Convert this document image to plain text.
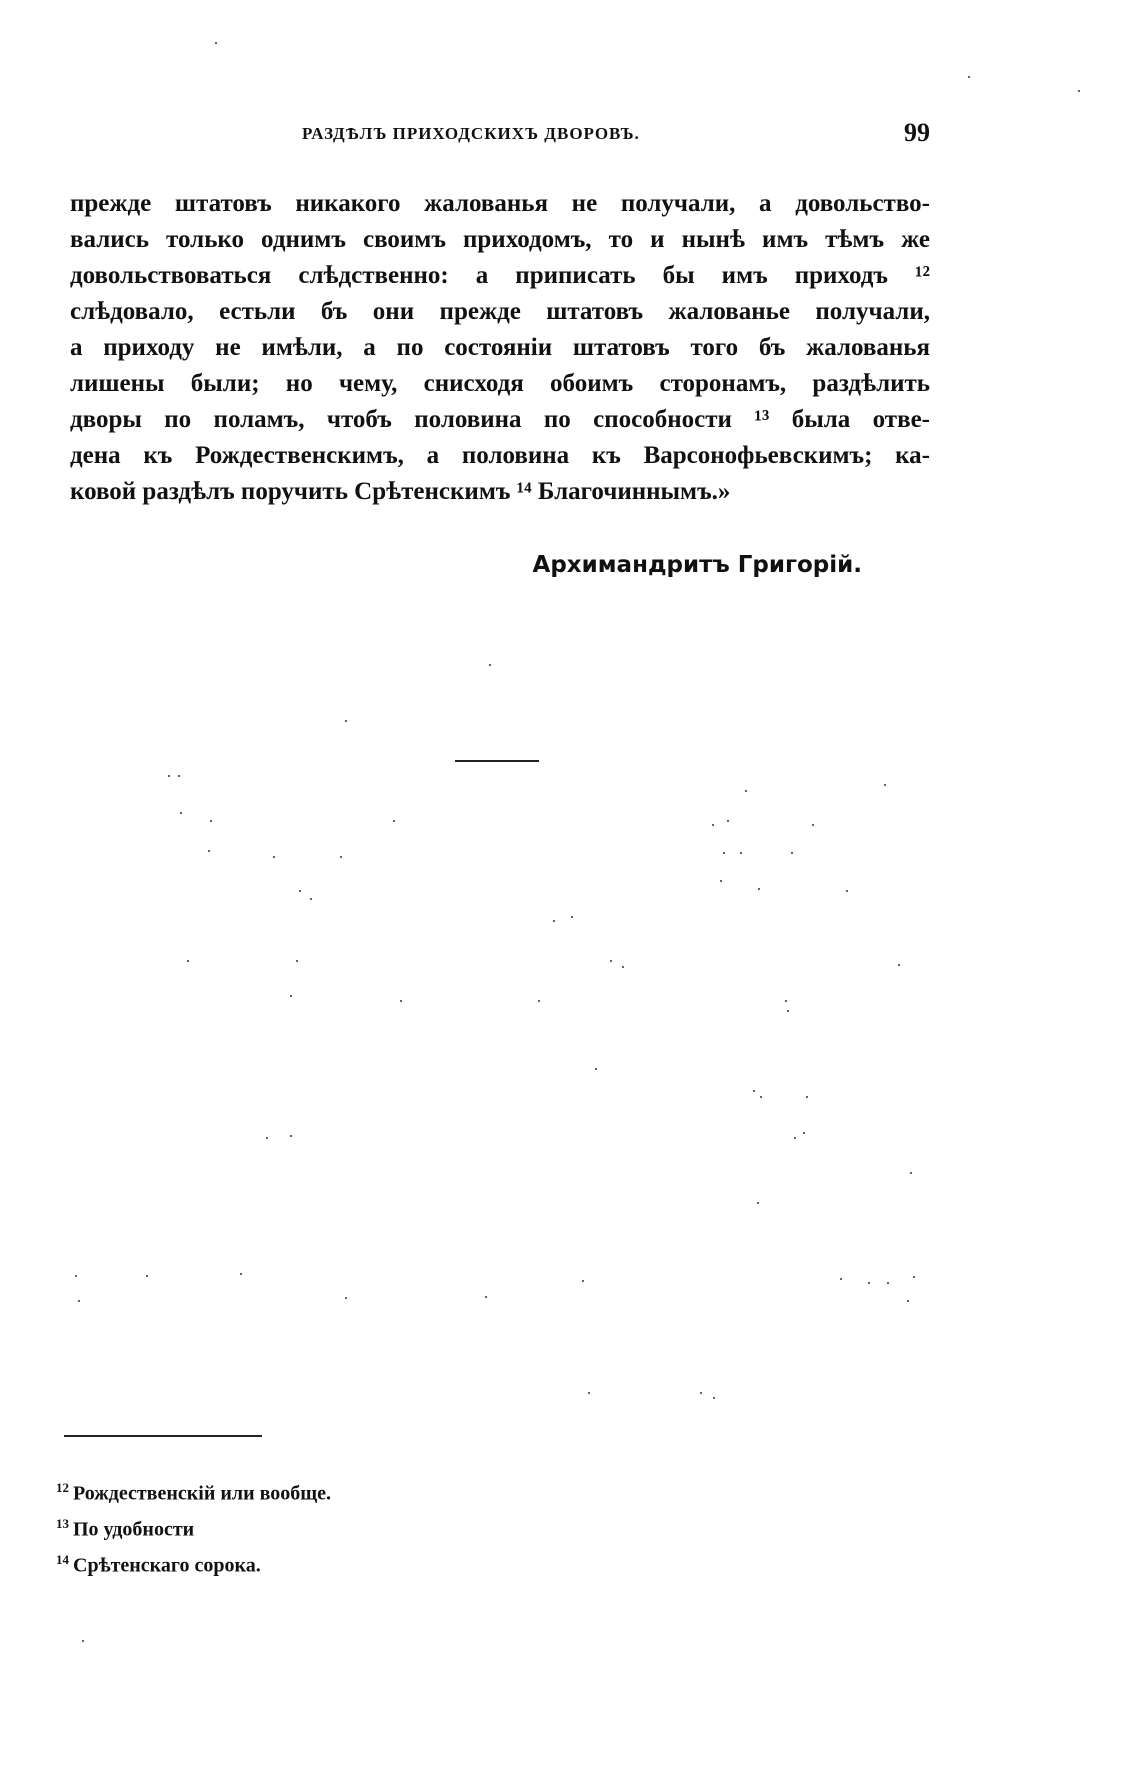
РАЗДѢЛЪ ПРИХОДСКИХЪ ДВОРОВЪ.	99
прежде штатовъ никакого жалованья не получали, а довольство-
вались только однимъ своимъ приходомъ, то и нынѣ имъ тѣмъ же
довольствоваться слѣдственно: а приписать бы имъ приходъ ¹²
слѣдовало, естьли бъ они прежде штатовъ жалованье получали,
а приходу не имѣли, а по состоянiи штатовъ того бъ жалованья
лишены были; но чему, снисходя обоимъ сторонамъ, раздѣлить
дворы по поламъ, чтобъ половина по способности ¹³ была отве-
дена къ Рождественскимъ, а половина къ Варсонофьевскимъ; ка-
ковой раздѣлъ поручить Срѣтенскимъ ¹⁴ Благочиннымъ.»
Архимандритъ Григорiй.
$^{12}$ Рождественскiй или вообще.
$^{13}$ По удобности
$^{14}$ Срѣтенскаго сорока.
